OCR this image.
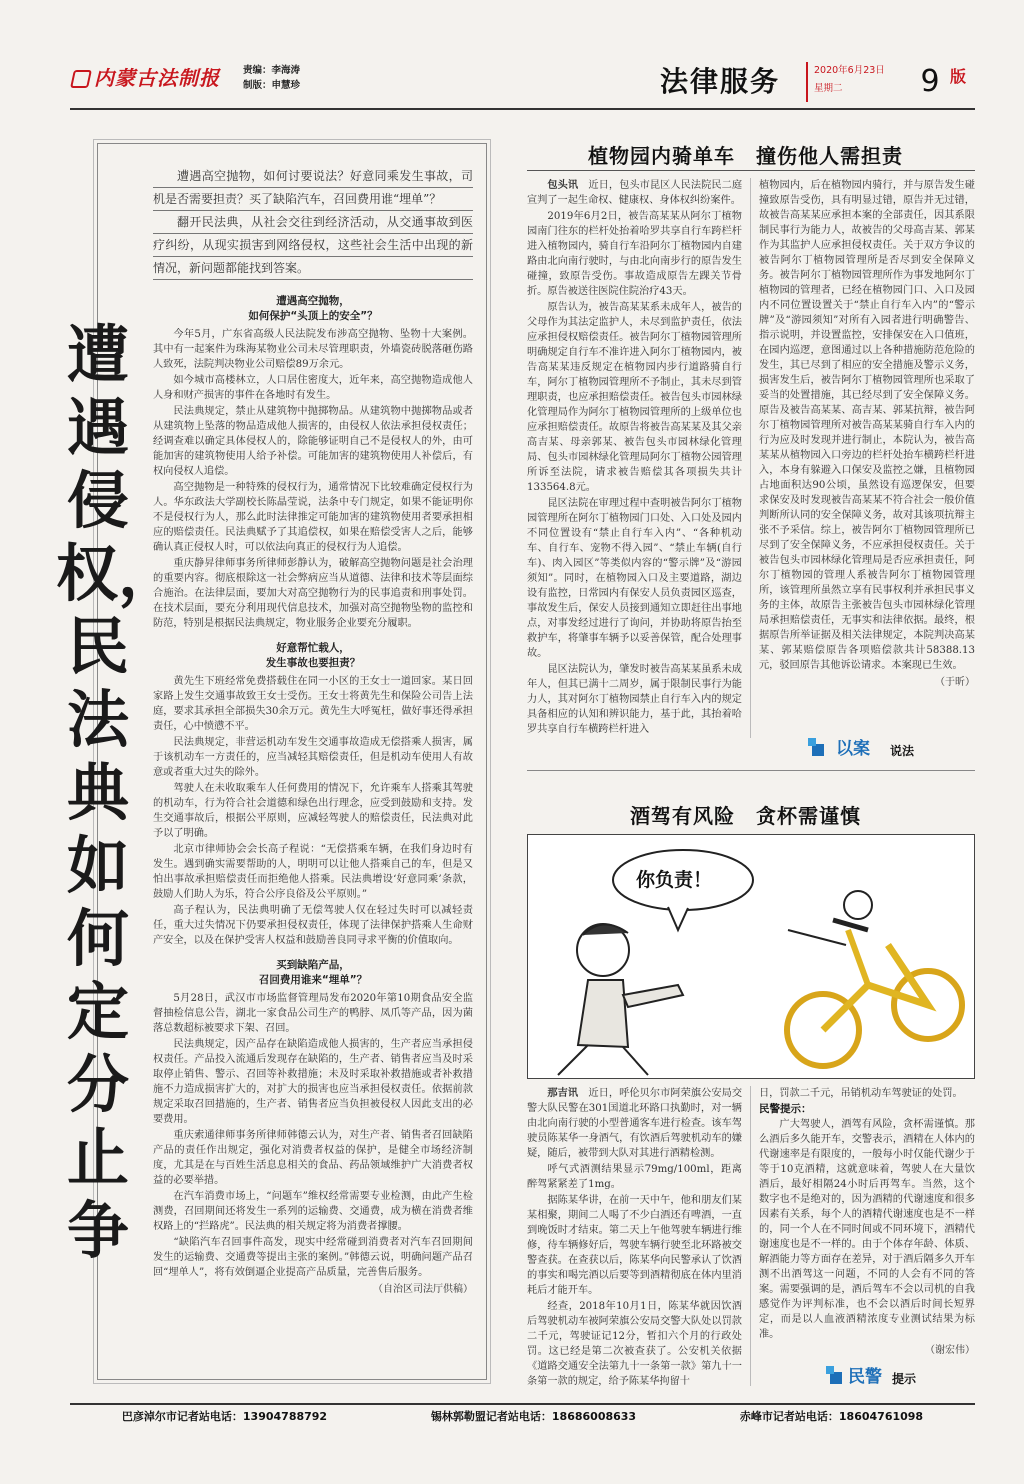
内蒙古法制报	责编：李海涛
制版：申慧珍	法律服务	2020年6月23日
星期二	9 版
遭遇侵权，民法典如何定分止争

遭遇高空抛物，如何讨要说法？好意同乘发生事故，司机是否需要担责？买了缺陷汽车，召回费用谁“埋单”？

翻开民法典，从社会交往到经济活动，从交通事故到医疗纠纷，从现实损害到网络侵权，这些社会生活中出现的新情况，新问题都能找到答案。

遭遇高空抛物，
如何保护“头顶上的安全”？

今年5月，广东省高级人民法院发布涉高空抛物、坠物十大案例。其中有一起案件为珠海某物业公司未尽管理职责，外墙瓷砖脱落砸伤路人致死，法院判决物业公司赔偿89万余元。

如今城市高楼林立，人口居住密度大，近年来，高空抛物造成他人人身和财产损害的事件在各地时有发生。

民法典规定，禁止从建筑物中抛掷物品。从建筑物中抛掷物品或者从建筑物上坠落的物品造成他人损害的，由侵权人依法承担侵权责任；经调查难以确定具体侵权人的，除能够证明自己不是侵权人的外，由可能加害的建筑物使用人给予补偿。可能加害的建筑物使用人补偿后，有权向侵权人追偿。

高空抛物是一种特殊的侵权行为，通常情况下比较难确定侵权行为人。华东政法大学副校长陈晶莹说，法条中专门规定，如果不能证明你不是侵权行为人，那么此时法律推定可能加害的建筑物使用者要承担相应的赔偿责任。民法典赋予了其追偿权，如果在赔偿受害人之后，能够确认真正侵权人时，可以依法向真正的侵权行为人追偿。

重庆静昇律师事务所律师彭静认为，破解高空抛物问题是社会治理的重要内容。彻底根除这一社会弊病应当从道德、法律和技术等层面综合施治。在法律层面，要加大对高空抛物行为的民事追责和刑事处罚。在技术层面，要充分利用现代信息技术，加强对高空抛物坠物的监控和防范，特别是根据民法典规定，物业服务企业要充分履职。

好意帮忙载人，
发生事故也要担责？

黄先生下班经常免费搭载住在同一小区的王女士一道回家。某日回家路上发生交通事故致王女士受伤。王女士将黄先生和保险公司告上法庭，要求其承担全部损失30余万元。黄先生大呼冤枉，做好事还得承担责任，心中愤懑不平。

民法典规定，非营运机动车发生交通事故造成无偿搭乘人损害，属于该机动车一方责任的，应当减轻其赔偿责任，但是机动车使用人有故意或者重大过失的除外。

驾驶人在未收取乘车人任何费用的情况下，允许乘车人搭乘其驾驶的机动车，行为符合社会道德和绿色出行理念，应受到鼓励和支持。发生交通事故后，根据公平原则，应减轻驾驶人的赔偿责任，民法典对此予以了明确。

北京市律师协会会长高子程说：“无偿搭乘车辆，在我们身边时有发生。遇到确实需要帮助的人，明明可以让他人搭乘自己的车，但是又怕出事故承担赔偿责任而拒绝他人搭乘。民法典增设‘好意同乘’条款，鼓励人们助人为乐，符合公序良俗及公平原则。”

高子程认为，民法典明确了无偿驾驶人仅在轻过失时可以减轻责任，重大过失情况下仍要承担侵权责任，体现了法律保护搭乘人生命财产安全，以及在保护受害人权益和鼓励善良同寻求平衡的价值取向。

买到缺陷产品，
召回费用谁来“埋单”？

5月28日，武汉市市场监督管理局发布2020年第10期食品安全监督抽检信息公告，湖北一家食品公司生产的鸭脖、凤爪等产品，因为菌落总数超标被要求下架、召回。

民法典规定，因产品存在缺陷造成他人损害的，生产者应当承担侵权责任。产品投入流通后发现存在缺陷的，生产者、销售者应当及时采取停止销售、警示、召回等补救措施；未及时采取补救措施或者补救措施不力造成损害扩大的，对扩大的损害也应当承担侵权责任。依据前款规定采取召回措施的，生产者、销售者应当负担被侵权人因此支出的必要费用。

重庆索通律师事务所律师韩德云认为，对生产者、销售者召回缺陷产品的责任作出规定，强化对消费者权益的保护，是健全市场经济制度，尤其是在与百姓生活息息相关的食品、药品领域维护广大消费者权益的必要举措。

在汽车消费市场上，“问题车”维权经常需要专业检测，由此产生检测费，召回期间还将发生一系列的运输费、交通费，成为横在消费者维权路上的“拦路虎”。民法典的相关规定将为消费者撑腰。

“缺陷汽车召回事件高发，现实中经常碰到消费者对汽车召回期间发生的运输费、交通费等提出主张的案例。”韩德云说，明确问题产品召回“埋单人”，将有效倒逼企业提高产品质量，完善售后服务。

（自治区司法厅供稿）
植物园内骑单车　撞伤他人需担责

包头讯　 近日，包头市昆区人民法院民二庭宣判了一起生命权、健康权、身体权纠纷案件。

2019年6月2日，被告高某某从阿尔丁植物园南门往东的栏杆处抬着哈罗共享自行车跨栏杆进入植物园内，骑自行车沿阿尔丁植物园内自建路由北向南行驶时，与由北向南步行的原告发生碰撞，致原告受伤。事故造成原告左踝关节骨折。原告被送往医院住院治疗43天。

原告认为，被告高某某系未成年人，被告的父母作为其法定监护人，未尽到监护责任，依法应承担侵权赔偿责任。被告阿尔丁植物园管理所明确规定自行车不准许进入阿尔丁植物园内，被告高某某违反规定在植物园内步行道路骑自行车，阿尔丁植物园管理所不予制止，其未尽到管理职责，也应承担赔偿责任。被告包头市园林绿化管理局作为阿尔丁植物园管理所的上级单位也应承担赔偿责任。故原告将被告高某某及其父亲高吉某、母亲郭某、被告包头市园林绿化管理局、包头市园林绿化管理局阿尔丁植物公园管理所诉至法院，请求被告赔偿其各项损失共计133564.8元。

昆区法院在审理过程中查明被告阿尔丁植物园管理所在阿尔丁植物园门口处、入口处及园内不同位置设有“禁止自行车入内”、“各种机动车、自行车、宠物不得入园”、“禁止车辆(自行车)、肉入园区”等类似内容的“警示牌”及“游园须知”。同时，在植物园入口及主要道路，湖边设有监控，日常园内有保安人员负责园区巡查，事故发生后，保安人员接到通知立即赶往出事地点，对事发经过进行了询问，并协助将原告抬至救护车，将肇事车辆予以妥善保管，配合处理事故。

昆区法院认为，肇发时被告高某某虽系未成年人，但其已满十二周岁，属于限制民事行为能力人，其对阿尔丁植物园禁止自行车入内的规定具备相应的认知和辨识能力，基于此，其抬着哈罗共享自行车横跨栏杆进入

植物园内，后在植物园内骑行，并与原告发生碰撞致原告受伤，具有明显过错，原告并无过错，故被告高某某应承担本案的全部责任，因其系限制民事行为能力人，故被告的父母高吉某、郭某作为其监护人应承担侵权责任。关于双方争议的被告阿尔丁植物园管理所是否尽到安全保障义务。被告阿尔丁植物园管理所作为事发地阿尔丁植物园的管理者，已经在植物园门口、入口及园内不同位置设置关于“禁止自行车入内”的“警示牌”及“游园须知”对所有入园者进行明确警告、指示说明，并设置监控，安排保安在入口值班，在园内巡逻，意图通过以上各种措施防范危险的发生，其已尽到了相应的安全措施及警示义务，损害发生后，被告阿尔丁植物园管理所也采取了妥当的处置措施，其已经尽到了安全保障义务。原告及被告高某某、高吉某、郭某抗辩，被告阿尔丁植物园管理所对被告高某某骑自行车入内的行为应及时发现并进行制止，本院认为，被告高某某从植物园入口旁边的栏杆处抬车横跨栏杆进入，本身有躲避入口保安及监控之嫌，且植物园占地面积达90公顷，虽然设有巡逻保安，但要求保安及时发现被告高某某不符合社会一般价值判断所认同的安全保障义务，故对其该项抗辩主张不予采信。综上，被告阿尔丁植物园管理所已尽到了安全保障义务，不应承担侵权责任。关于被告包头市园林绿化管理局是否应承担责任，阿尔丁植物园的管理人系被告阿尔丁植物园管理所，该管理所虽然立享有民事权利并承担民事义务的主体，故原告主张被告包头市园林绿化管理局承担赔偿责任，无事实和法律依据。最终，根据原告所举证据及相关法律规定，本院判决高某某、郭某赔偿原告各项赔偿款共计58388.13元，驳回原告其他诉讼请求。本案现已生效。

（于昕）
以案 说法
酒驾有风险　贪杯需谨慎
你负责！

那吉讯　 近日，呼伦贝尔市阿荣旗公安局交警大队民警在301国道北环路口执勤时，对一辆由北向南行驶的小型普通客车进行检查。该车驾驶员陈某华一身酒气，有饮酒后驾驶机动车的嫌疑，随后，被带到大队对其进行酒精检测。

呼气式酒测结果显示79mg/100ml，距离醉驾紧紧差了1mg。

据陈某华讲，在前一天中午，他和朋友们某某相聚，期间二人喝了不少白酒还有啤酒，一直到晚饭时才结束。第二天上午他驾驶车辆进行维修，待车辆修好后，驾驶车辆行驶至北环路被交警查获。在查获以后，陈某华向民警承认了饮酒的事实和喝完酒以后要等到酒精彻底在体内里消耗后才能开车。

经查，2018年10月1日，陈某华就因饮酒后驾驶机动车被阿荣旗公安局交警大队处以罚款二千元，驾驶证记12分，暂扣六个月的行政处罚。这已经是第二次被查获了。公安机关依据《道路交通安全法第九十一条第一款》第九十一条第一款的规定，给予陈某华拘留十

日，罚款二千元，吊销机动车驾驶证的处罚。

民警提示：

广大驾驶人，酒驾有风险，贪杯需谨慎。那么酒后多久能开车，交警表示，酒精在人体内的代谢速率是有限度的，一般每小时仅能代谢少于等于10克酒精，这就意味着，驾驶人在大量饮酒后，最好相隔24小时后再驾车。当然，这个数字也不是绝对的，因为酒精的代谢速度和很多因素有关系，每个人的酒精代谢速度也是不一样的，同一个人在不同时间或不同环境下，酒精代谢速度也是不一样的。由于个体存年龄、体质、解酒能力等方面存在差异，对于酒后隔多久开车测不出酒驾这一问题，不同的人会有不同的答案。需要强调的是，酒后驾车不会以司机的自我感觉作为评判标准，也不会以酒后时间长短界定，而是以人血液酒精浓度专业测试结果为标准。

（谢宏伟）
民警 提示
巴彦淖尔市记者站电话：13904788792	锡林郭勒盟记者站电话：18686008633	赤峰市记者站电话：18604761098
